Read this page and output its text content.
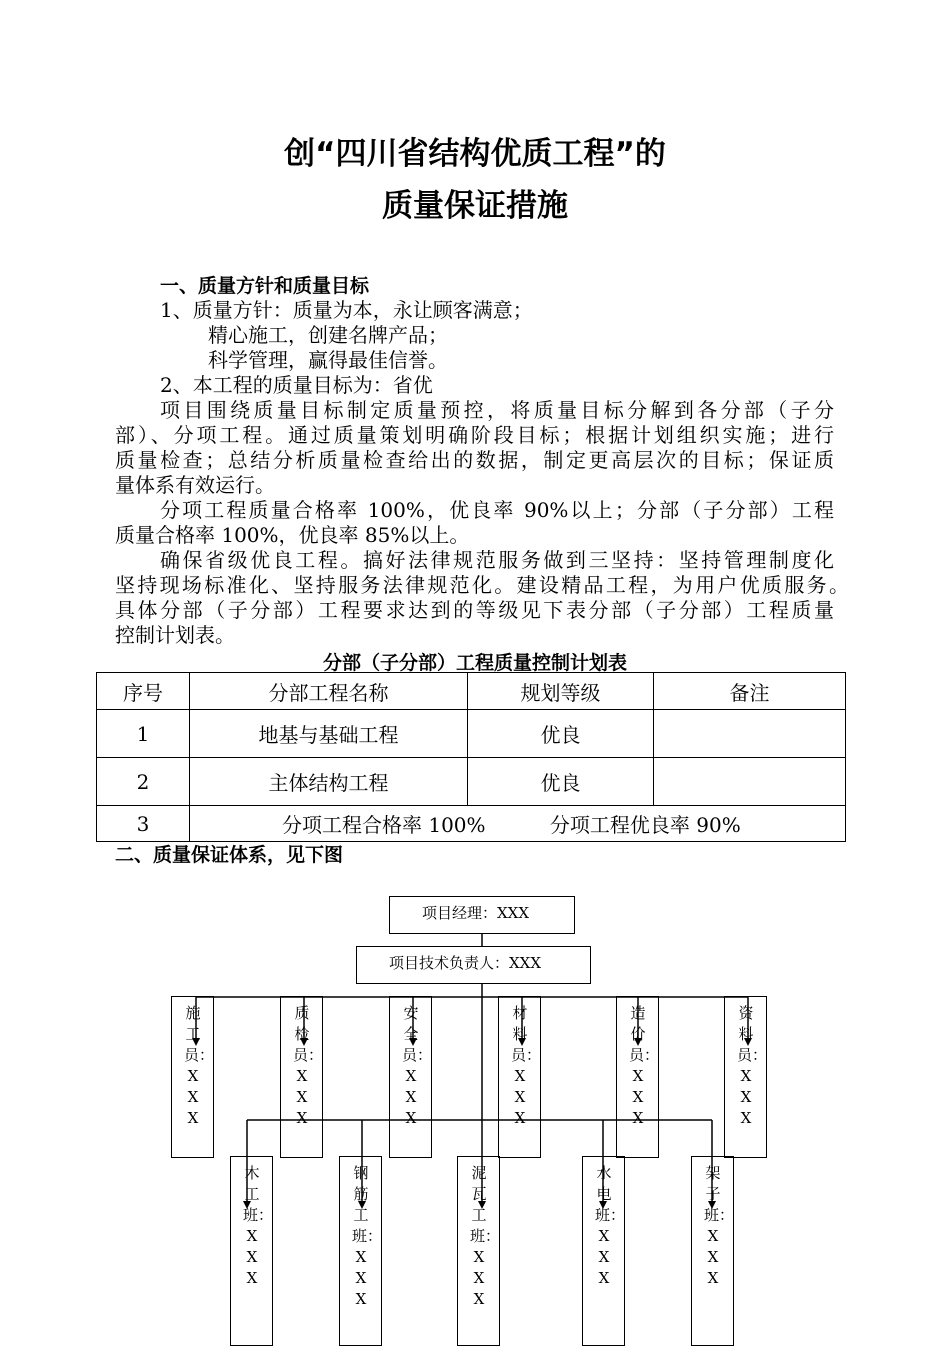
创“四川省结构优质工程”的
质量保证措施
一、质量方针和质量目标
1、质量方针：质量为本，永让顾客满意；
精心施工，创建名牌产品；
科学管理，赢得最佳信誉。
2、本工程的质量目标为：省优
项目围绕质量目标制定质量预控，将质量目标分解到各分部（子分
部）、分项工程。通过质量策划明确阶段目标；根据计划组织实施；进行
质量检查；总结分析质量检查给出的数据，制定更高层次的目标；保证质
量体系有效运行。
分项工程质量合格率 100%，优良率 90%以上；分部（子分部）工程
质量合格率 100%，优良率 85%以上。
确保省级优良工程。搞好法律规范服务做到三坚持：坚持管理制度化
坚持现场标准化、坚持服务法律规范化。建设精品工程，为用户优质服务。
具体分部（子分部）工程要求达到的等级见下表分部（子分部）工程质量
控制计划表。
分部（子分部）工程质量控制计划表
序号	分部工程名称	规划等级	备注
1	地基与基础工程	优良	
2	主体结构工程	优良	
3	分项工程合格率 100% 分项工程优良率 90%		
二、质量保证体系，见下图
项目经理：XXX
项目技术负责人：XXX
施工员：XXX
质检员：XXX
安全员：XXX
材料员：XXX
造价员：XXX
资料员：XXX
木工班：XXX
钢筋工班：XXX
泥瓦工班：XXX
水电班：XXX
架子班：XXX
